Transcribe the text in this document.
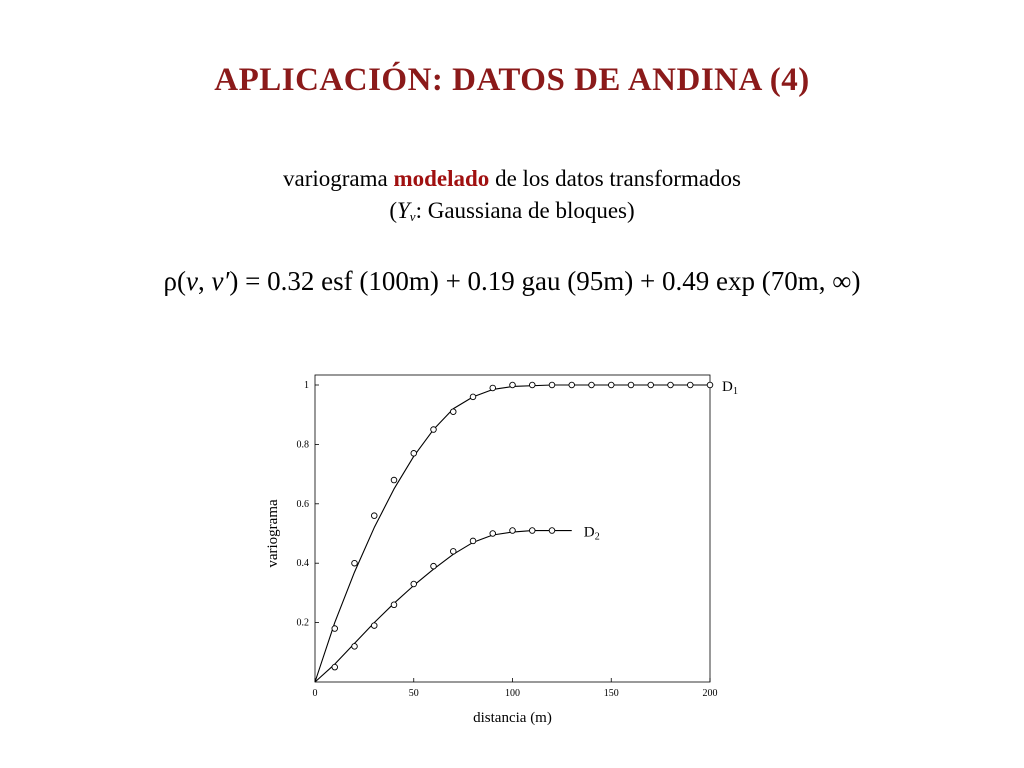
APLICACIÓN: DATOS DE ANDINA (4)
variograma modelado de los datos transformados
($Y_v$: Gaussiana de bloques)
ρ(v, v′) = 0.32 esf (100m) + 0.19 gau (95m) + 0.49 exp (70m, ∞)
0	50	100	150	200
0.2
0.4
0.6
0.8
1
distancia (m)
variograma
D 1
D 2
